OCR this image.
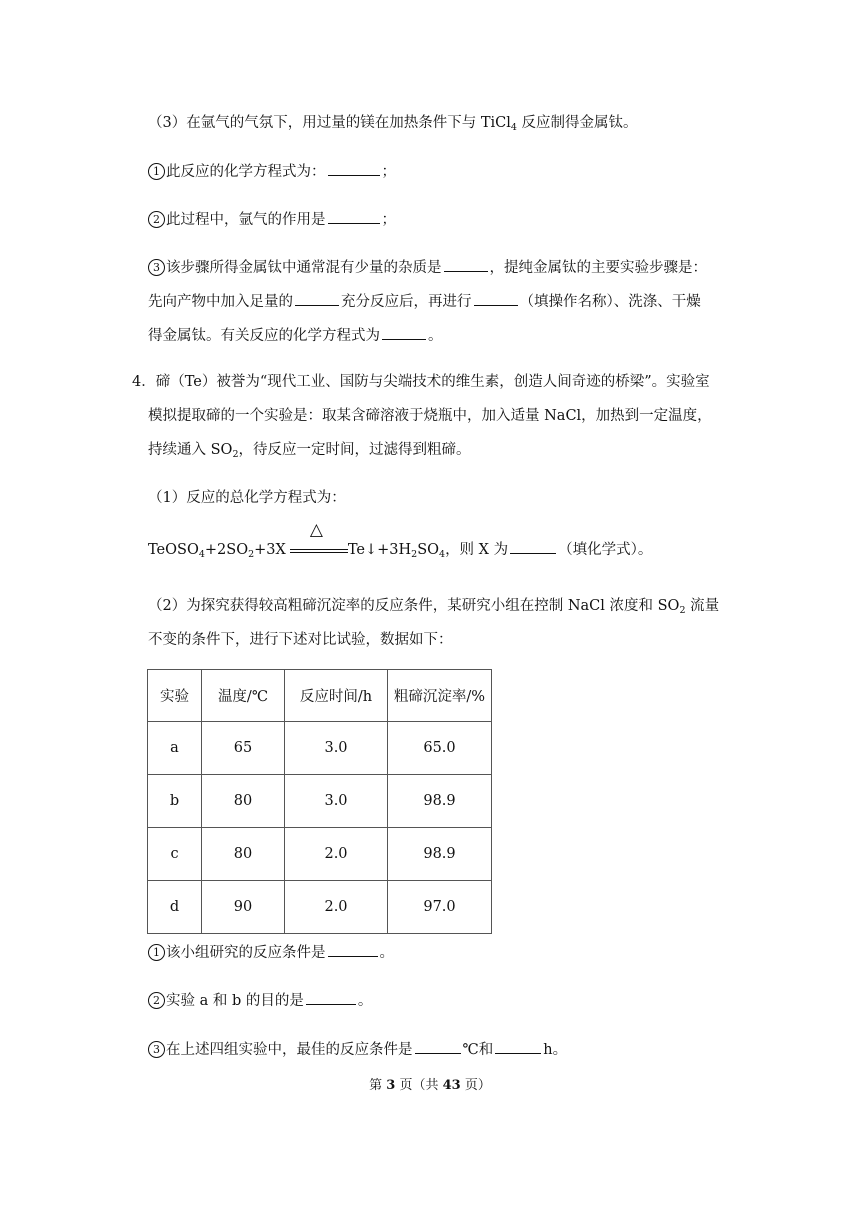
（3）在氩气的气氛下，用过量的镁在加热条件下与 TiCl$_4$ 反应制得金属钛。
1 此反应的化学方程式为：	；
2 此过程中，氩气的作用是	；
3 该步骤所得金属钛中通常混有少量的杂质是	，提纯金属钛的主要实验步骤是：
先向产物中加入足量的	充分反应后，再进行	（填操作名称）、洗涤、干燥
得金属钛。有关反应的化学方程式为	。
4．碲（Te）被誉为“现代工业、国防与尖端技术的维生素，创造人间奇迹的桥梁”。实验室
模拟提取碲的一个实验是：取某含碲溶液于烧瓶中，加入适量 NaCl，加热到一定温度，
持续通入 $SO_2$，待反应一定时间，过滤得到粗碲。
（1）反应的总化学方程式为：
$TeOSO_4+2SO_2+3X$
△
$Te↓+3H_2SO_4$，则 X 为	（填化学式）。
（2）为探究获得较高粗碲沉淀率的反应条件，某研究小组在控制 NaCl 浓度和 $SO_2$ 流量
不变的条件下，进行下述对比试验，数据如下：
实验	温度/℃	反应时间/h	粗碲沉淀率/%
a	65	3.0	65.0
b	80	3.0	98.9
c	80	2.0	98.9
d	90	2.0	97.0
1 该小组研究的反应条件是	。
2 实验 a 和 b 的目的是	。
3 在上述四组实验中，最佳的反应条件是	℃和	h。
第 3 页（共 43 页）
